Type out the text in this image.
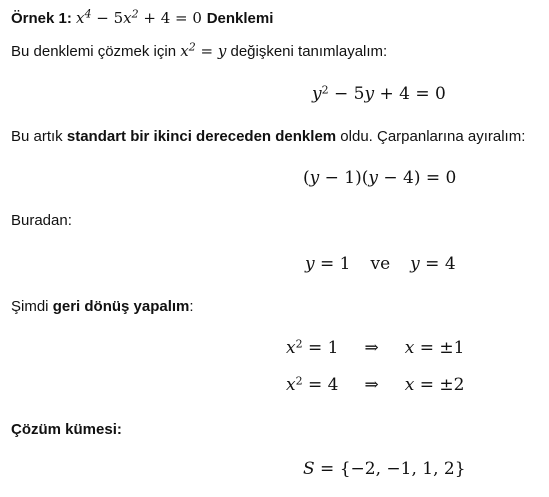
Örnek 1: $x^4 - 5x^2 + 4 = 0$ Denklemi
Bu denklemi çözmek için $x^2 = y$ değişkeni tanımlayalım:
$y^2 - 5y + 4 = 0$
Bu artık standart bir ikinci dereceden denklem oldu. Çarpanlarına ayıralım:
(y − 1)(y − 4) = 0
Buradan:
y = 1 ve y = 4
Şimdi geri dönüş yapalım:
$x^2 = 1$ ⇒ x = ±1
$x^2 = 4$ ⇒ x = ±2
Çözüm kümesi:
S = {−2, −1, 1, 2}
